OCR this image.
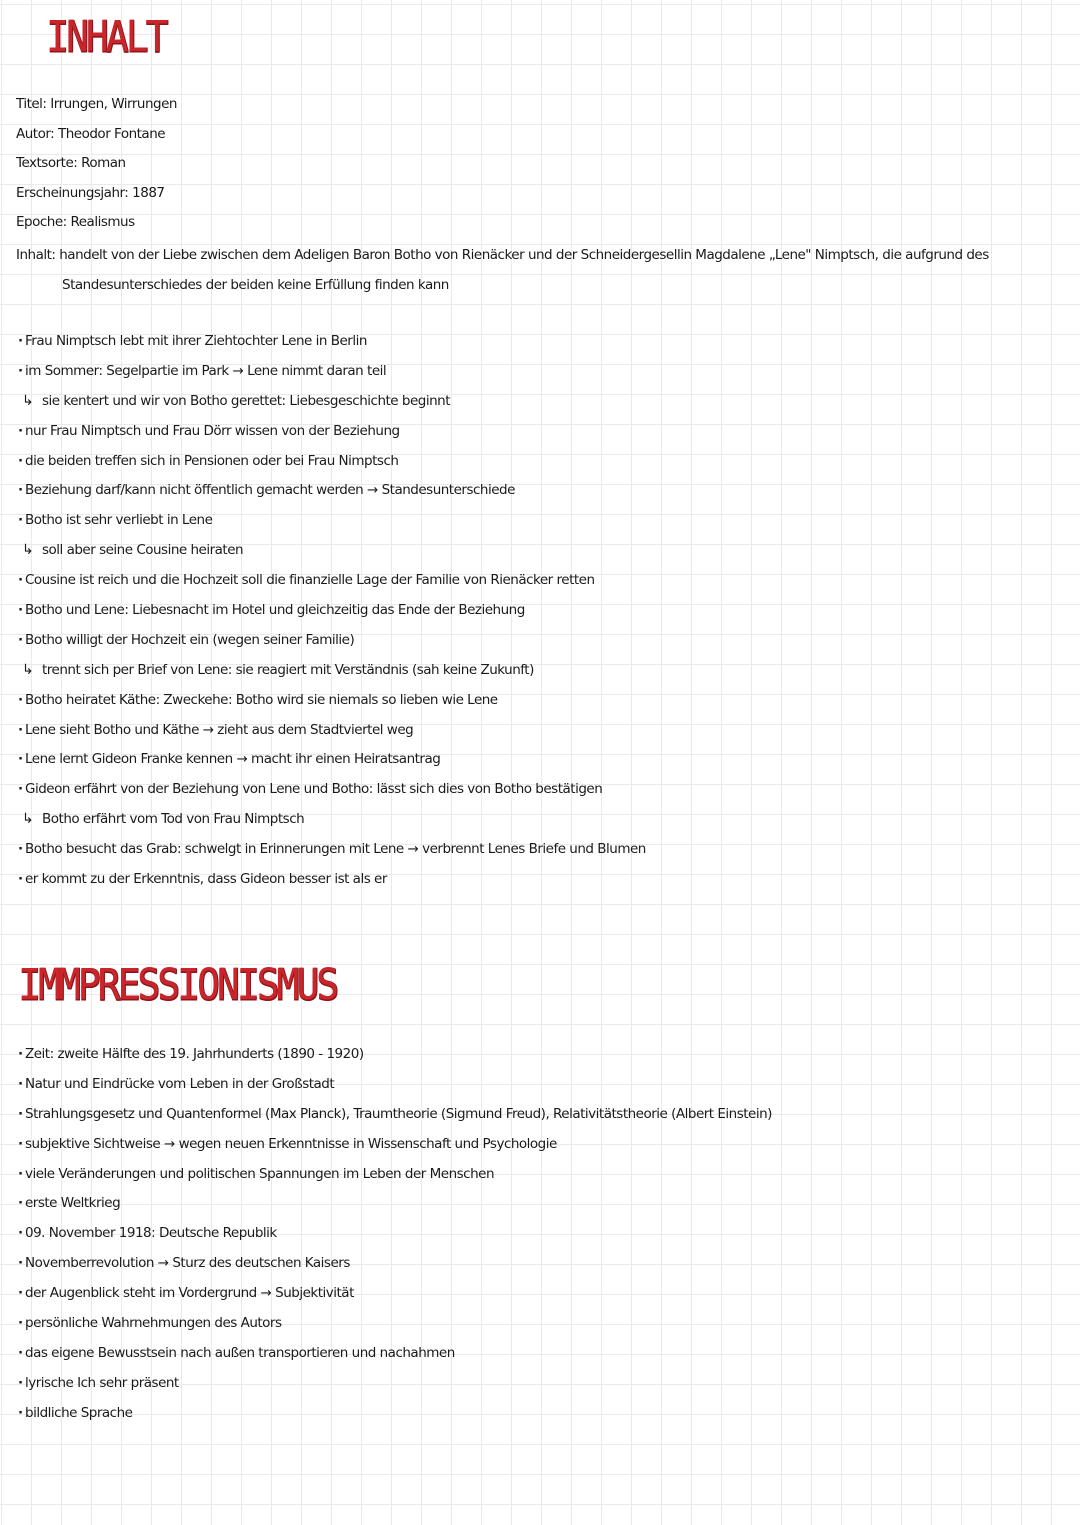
INHALT
Titel: Irrungen, Wirrungen
Autor: Theodor Fontane
Textsorte: Roman
Erscheinungsjahr: 1887
Epoche: Realismus
Inhalt: handelt von der Liebe zwischen dem Adeligen Baron Botho von Rienäcker und der Schneidergesellin Magdalene „Lene" Nimptsch, die aufgrund des
Standesunterschiedes der beiden keine Erfüllung finden kann
· Frau Nimptsch lebt mit ihrer Ziehtochter Lene in Berlin
· im Sommer: Segelpartie im Park → Lene nimmt daran teil
↳ sie kentert und wir von Botho gerettet: Liebesgeschichte beginnt
· nur Frau Nimptsch und Frau Dörr wissen von der Beziehung
· die beiden treffen sich in Pensionen oder bei Frau Nimptsch
· Beziehung darf/kann nicht öffentlich gemacht werden → Standesunterschiede
· Botho ist sehr verliebt in Lene
↳ soll aber seine Cousine heiraten
· Cousine ist reich und die Hochzeit soll die finanzielle Lage der Familie von Rienäcker retten
· Botho und Lene: Liebesnacht im Hotel und gleichzeitig das Ende der Beziehung
· Botho willigt der Hochzeit ein (wegen seiner Familie)
↳ trennt sich per Brief von Lene: sie reagiert mit Verständnis (sah keine Zukunft)
· Botho heiratet Käthe: Zweckehe: Botho wird sie niemals so lieben wie Lene
· Lene sieht Botho und Käthe → zieht aus dem Stadtviertel weg
· Lene lernt Gideon Franke kennen → macht ihr einen Heiratsantrag
· Gideon erfährt von der Beziehung von Lene und Botho: lässt sich dies von Botho bestätigen
↳ Botho erfährt vom Tod von Frau Nimptsch
· Botho besucht das Grab: schwelgt in Erinnerungen mit Lene → verbrennt Lenes Briefe und Blumen
· er kommt zu der Erkenntnis, dass Gideon besser ist als er
IMMPRESSIONISMUS
· Zeit: zweite Hälfte des 19. Jahrhunderts (1890 - 1920)
· Natur und Eindrücke vom Leben in der Großstadt
· Strahlungsgesetz und Quantenformel (Max Planck), Traumtheorie (Sigmund Freud), Relativitätstheorie (Albert Einstein)
· subjektive Sichtweise → wegen neuen Erkenntnisse in Wissenschaft und Psychologie
· viele Veränderungen und politischen Spannungen im Leben der Menschen
· erste Weltkrieg
· 09. November 1918: Deutsche Republik
· Novemberrevolution → Sturz des deutschen Kaisers
· der Augenblick steht im Vordergrund → Subjektivität
· persönliche Wahrnehmungen des Autors
· das eigene Bewusstsein nach außen transportieren und nachahmen
· lyrische Ich sehr präsent
· bildliche Sprache
